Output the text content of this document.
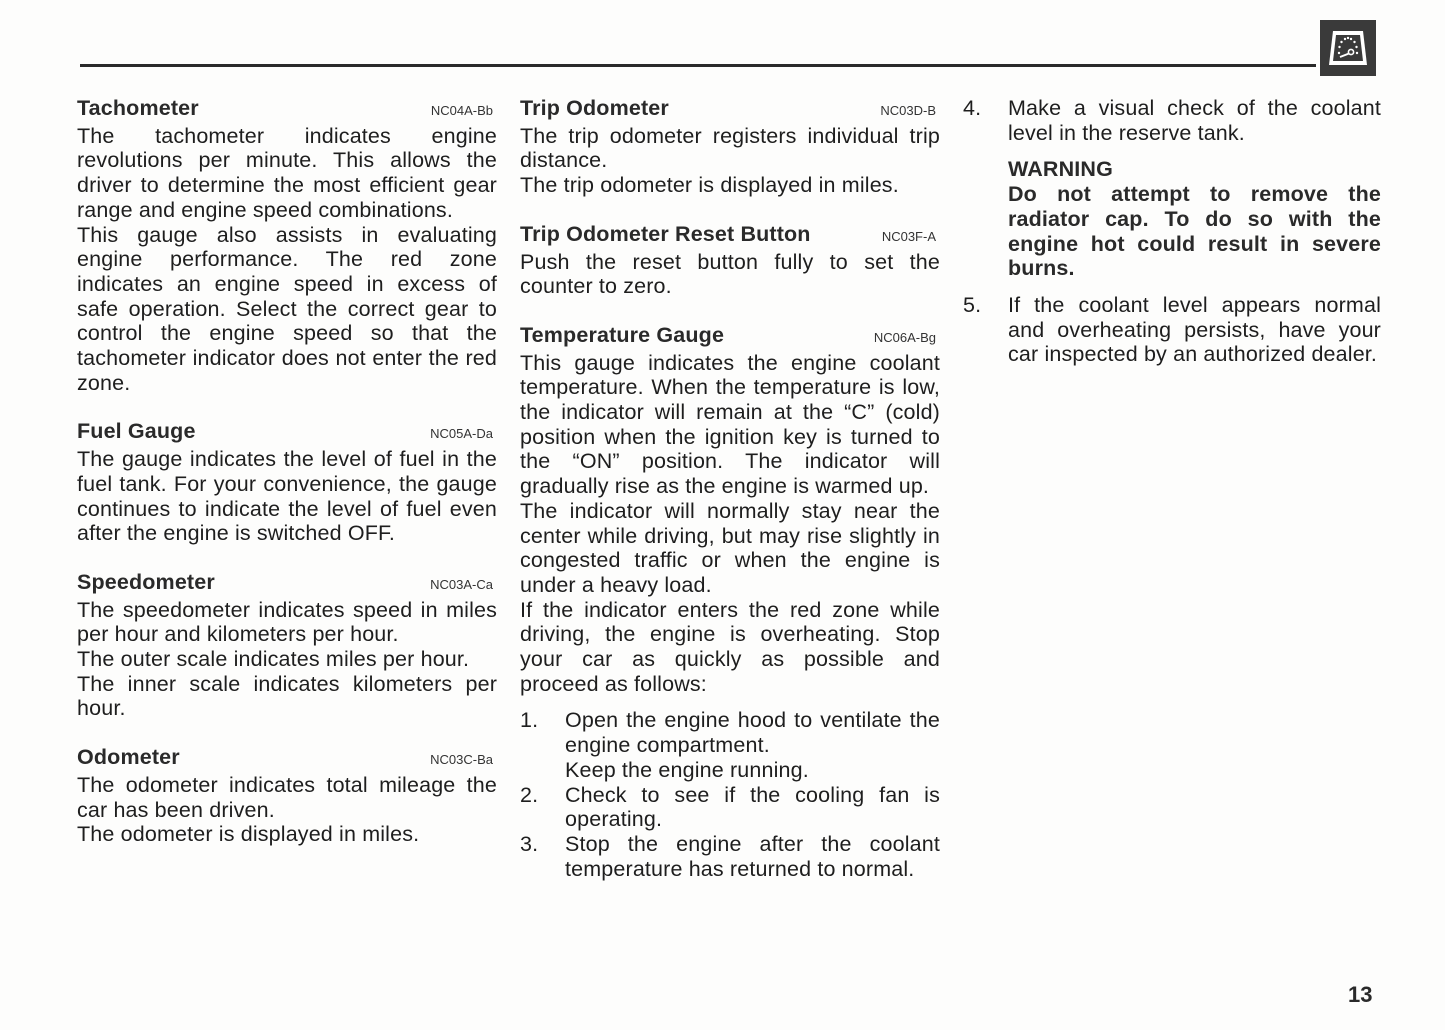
Tachometer	NC04A-Bb

The tachometer indicates engine revolutions per minute. This allows the driver to determine the most efficient gear range and engine speed combinations.

This gauge also assists in evaluating engine performance. The red zone indicates an engine speed in excess of safe operation. Select the correct gear to control the engine speed so that the tachometer indicator does not enter the red zone.

Fuel Gauge	NC05A-Da

The gauge indicates the level of fuel in the fuel tank. For your convenience, the gauge continues to indicate the level of fuel even after the engine is switched OFF.

Speedometer	NC03A-Ca

The speedometer indicates speed in miles per hour and kilometers per hour.

The outer scale indicates miles per hour.

The inner scale indicates kilometers per hour.

Odometer	NC03C-Ba

The odometer indicates total mileage the car has been driven.

The odometer is displayed in miles.

Trip Odometer	NC03D-B

The trip odometer registers individual trip distance.

The trip odometer is displayed in miles.

Trip Odometer Reset Button	NC03F-A

Push the reset button fully to set the counter to zero.

Temperature Gauge	NC06A-Bg

This gauge indicates the engine coolant temperature. When the temperature is low, the indicator will remain at the “C” (cold) position when the ignition key is turned to the “ON” position. The indicator will gradually rise as the engine is warmed up.

The indicator will normally stay near the center while driving, but may rise slightly in congested traffic or when the engine is under a heavy load.

If the indicator enters the red zone while driving, the engine is overheating. Stop your car as quickly as possible and proceed as follows:

1.	Open the engine hood to ventilate the engine compartment.
Keep the engine running.
2.	Check to see if the cooling fan is operating.
3.	Stop the engine after the coolant temperature has returned to normal.
4.	Make a visual check of the coolant level in the reserve tank.
WARNING
Do not attempt to remove the radiator cap. To do so with the engine hot could result in severe burns.
5.	If the coolant level appears normal and overheating persists, have your car inspected by an authorized dealer.
13
